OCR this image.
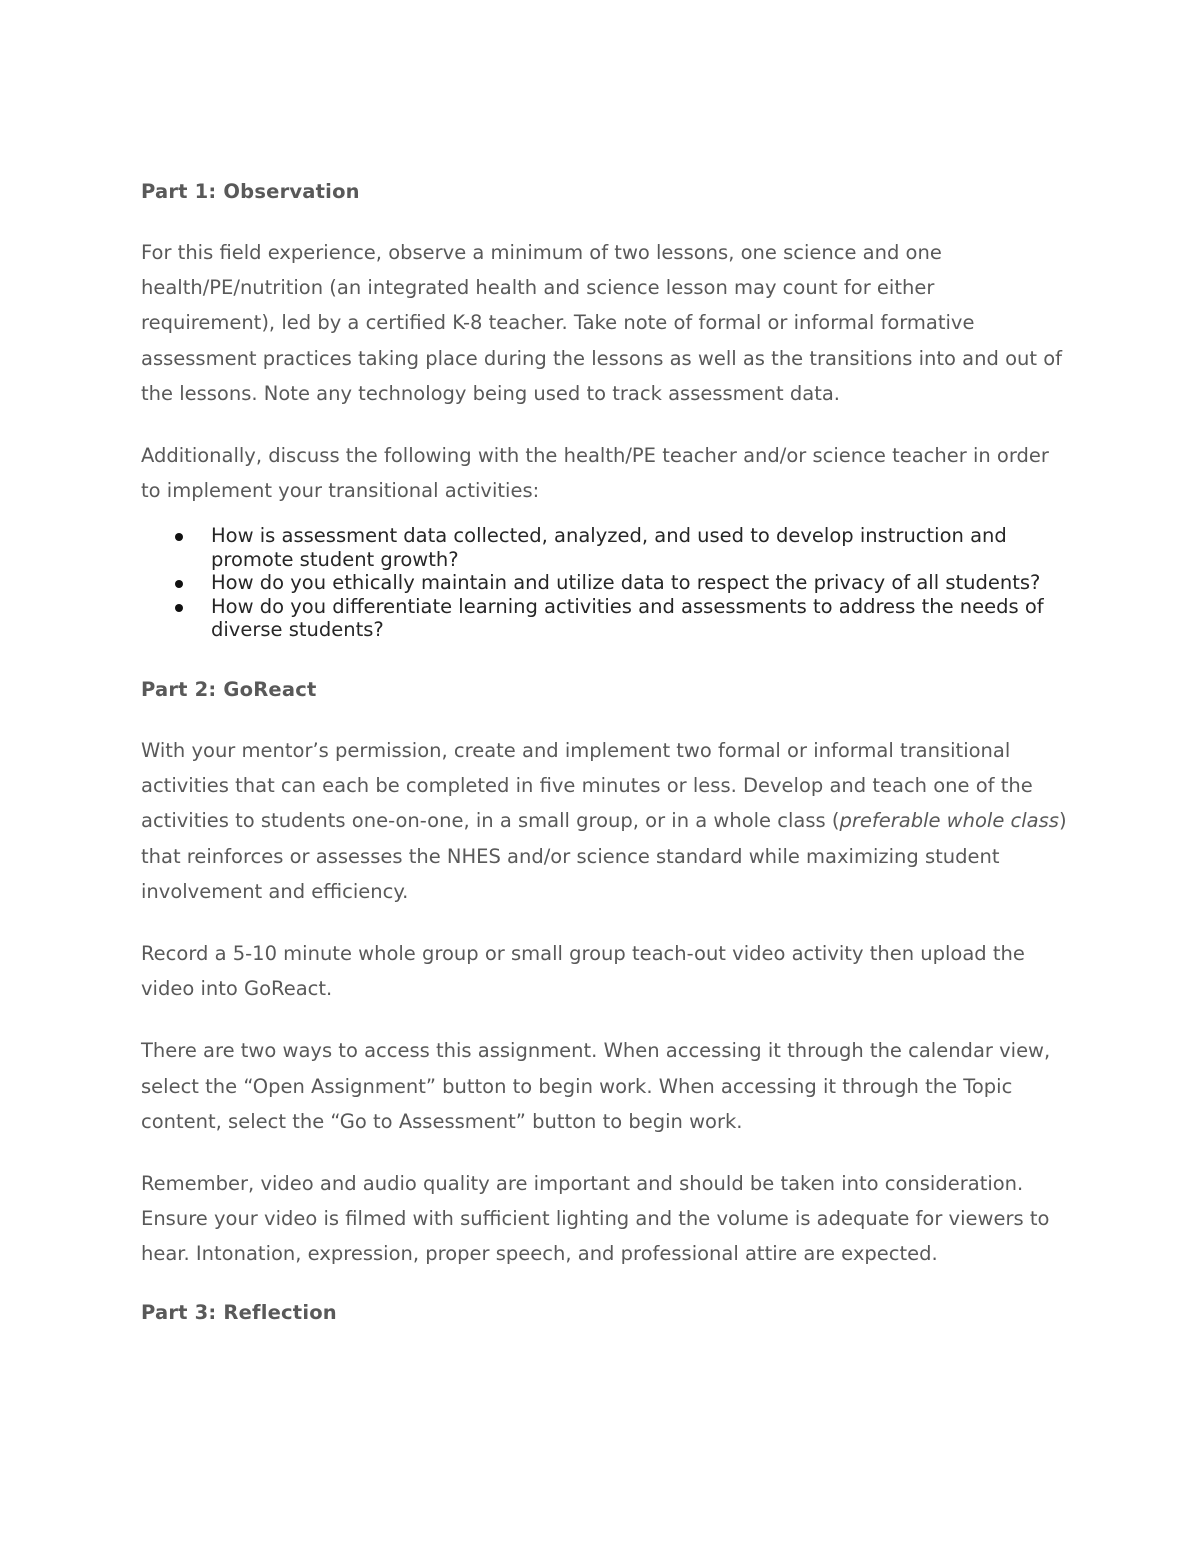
Part 1: Observation

For this field experience, observe a minimum of two lessons, one science and one health/PE/nutrition (an integrated health and science lesson may count for either requirement), led by a certified K-8 teacher. Take note of formal or informal formative assessment practices taking place during the lessons as well as the transitions into and out of the lessons. Note any technology being used to track assessment data.

Additionally, discuss the following with the health/PE teacher and/or science teacher in order to implement your transitional activities:

How is assessment data collected, analyzed, and used to develop instruction and promote student growth?
How do you ethically maintain and utilize data to respect the privacy of all students?
How do you differentiate learning activities and assessments to address the needs of diverse students?

Part 2: GoReact

With your mentor’s permission, create and implement two formal or informal transitional activities that can each be completed in five minutes or less. Develop and teach one of the activities to students one-on-one, in a small group, or in a whole class (preferable whole class) that reinforces or assesses the NHES and/or science standard while maximizing student involvement and efficiency.

Record a 5-10 minute whole group or small group teach-out video activity then upload the video into GoReact.

There are two ways to access this assignment. When accessing it through the calendar view, select the “Open Assignment” button to begin work. When accessing it through the Topic content, select the “Go to Assessment” button to begin work.

Remember, video and audio quality are important and should be taken into consideration. Ensure your video is filmed with sufficient lighting and the volume is adequate for viewers to hear. Intonation, expression, proper speech, and professional attire are expected.

Part 3: Reflection
